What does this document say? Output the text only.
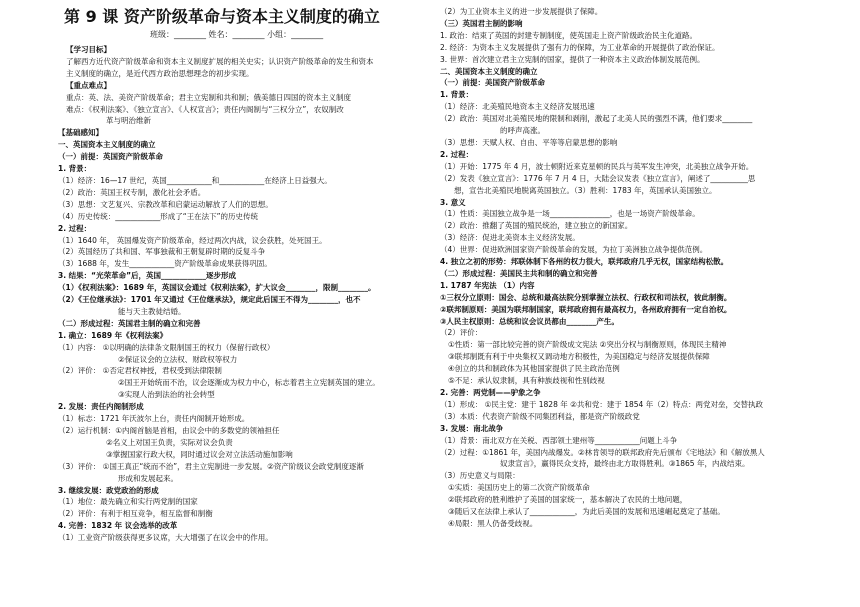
第 9 课 资产阶级革命与资本主义制度的确立
班级：________ 姓名：________ 小组：________
【学习目标】
了解西方近代资产阶级革命和资本主义制度扩展的相关史实；认识资产阶级革命的发生和资本
主义制度的确立，是近代西方政治思想理念的初步实现。
【重点难点】
重点：英、法、美资产阶级革命；君主立宪制和共和制；俄美德日四国的资本主义制度
难点：《权利法案》、《独立宣言》、《人权宣言》；责任内阁制与“三权分立”，农奴制改
革与明治维新
【基础感知】
一、英国资本主义制度的确立
（一）前提：英国资产阶级革命
1. 背景：
（1）经济：16—17 世纪，英国____________和____________在经济上日益强大。
（2）政治：英国王权专制，激化社会矛盾。
（3）思想：文艺复兴、宗教改革和启蒙运动解放了人们的思想。
（4）历史传统：____________形成了“王在法下”的历史传统
2. 过程：
（1）1640 年， 英国爆发资产阶级革命，经过两次内战，议会获胜，处死国王。
（2）英国经历了共和国、军事独裁和王朝复辟时期的反复斗争
（3）1688 年，发生____________资产阶级革命成果获得巩固。
3. 结果：“光荣革命”后，英国____________逐步形成
（1）《权利法案》：1689 年，英国议会通过《权利法案》，扩大议会________，限制________。
（2）《王位继承法》：1701 年又通过《王位继承法》，规定此后国王不得为________，也不
能与天主教徒结婚。
（二）形成过程：英国君主制的确立和完善
1. 确立：1689 年《权利法案》
（1）内容： ①以明确的法律条文限制国王的权力（保留行政权）
②保证议会的立法权、财政权等权力
（2）评价： ①否定君权神授，君权受到法律限制
②国王开始统而不治，议会逐渐成为权力中心，标志着君主立宪制英国的建立。
③实现人治到法治的社会转型
2. 发展：责任内阁制形成
（1）标志：1721 年沃波尔上台，责任内阁制开始形成。
（2）运行机制：①内阁首脑是首相，由议会中的多数党的领袖担任
②名义上对国王负责，实际对议会负责
③掌握国家行政大权，同时通过议会对立法活动施加影响
（3）评价： ①国王真正“统而不治”，君主立宪制进一步发展。②资产阶级议会政党制度逐渐
形成和发展起来。
3. 继续发展：政党政治的形成
（1）地位：最先确立和实行两党制的国家
（2）评价：有利于相互竞争，相互监督和制衡
4. 完善：1832 年 议会选举的改革
（1）工业资产阶级获得更多议席，大大增强了在议会中的作用。
（2）为工业资本主义的进一步发展提供了保障。
（三）英国君主制的影响
1. 政治：结束了英国的封建专制制度，使英国走上资产阶级政治民主化道路。
2. 经济：为资本主义发展提供了强有力的保障，为工业革命的开展提供了政治保证。
3. 世界：首次建立君主立宪制的国家，提供了一种资本主义政治体制发展范例。
二、美国资本主义制度的确立
（一）前提：美国资产阶级革命
1. 背景：
（1）经济：北美殖民地资本主义经济发展迅速
（2）政治：英国对北美殖民地的限制和剥削，激起了北美人民的强烈不满，他们要求________
的呼声高涨。
（3）思想：天赋人权、自由、平等等启蒙思想的影响
2. 过程：
（1）开始：1775 年 4 月，波士顿附近来克星顿的民兵与英军发生冲突，北美独立战争开始。
（2）发表《独立宣言》：1776 年 7 月 4 日，大陆会议发表《独立宣言》，阐述了__________思
想，宣告北美殖民地脱离英国独立。（3）胜利：1783 年，英国承认美国独立。
3. 意义
（1）性质：美国独立战争是一场________________，也是一场资产阶级革命。
（2）政治：推翻了英国的殖民统治，建立独立的新国家。
（3）经济：促进北美资本主义经济发展。
（4）世界：促进欧洲国家资产阶级革命的发展，为拉丁美洲独立战争提供范例。
4. 独立之初的形势：邦联体制下各州的权力很大，联邦政府几乎无权，国家结构松散。
（二）形成过程：美国民主共和制的确立和完善
1. 1787 年宪法 （1）内容
①三权分立原则：国会、总统和最高法院分别掌握立法权、行政权和司法权，彼此制衡。
②联邦制原则：美国为联邦制国家，联邦政府拥有最高权力，各州政府拥有一定自治权。
③人民主权原则：总统和议会议员都由________产生。
（2）评价：
①性质：第一部比较完善的资产阶级成文宪法 ②突出分权与制衡原则，体现民主精神
③联邦制既有利于中央集权又调动地方积极性，为美国稳定与经济发展提供保障
④创立的共和制政体为其他国家提供了民主政治范例
⑤不足：承认奴隶制，具有种族歧视和性别歧视
2. 完善：两党制——驴象之争
（1）形成： ①民主党：建于 1828 年 ②共和党：建于 1854 年（2）特点：两党对垒，交替执政
（3）本质：代表资产阶级不同集团利益，都是资产阶级政党
3. 发展：南北战争
（1）背景：南北双方在关税、西部领土建州等____________问题上斗争
（2）过程：①1861 年，美国内战爆发。②林肯领导的联邦政府先后颁布《宅地法》和《解放黑人
奴隶宣言》，赢得民众支持，最终由北方取得胜利。③1865 年，内战结束。
（3）历史意义与局限：
①实质：美国历史上的第二次资产阶级革命
②联邦政府的胜利维护了美国的国家统一，基本解决了农民的土地问题，
③随后又在法律上承认了____________，为此后美国的发展和迅速崛起奠定了基础。
④局限：黑人仍备受歧视。
